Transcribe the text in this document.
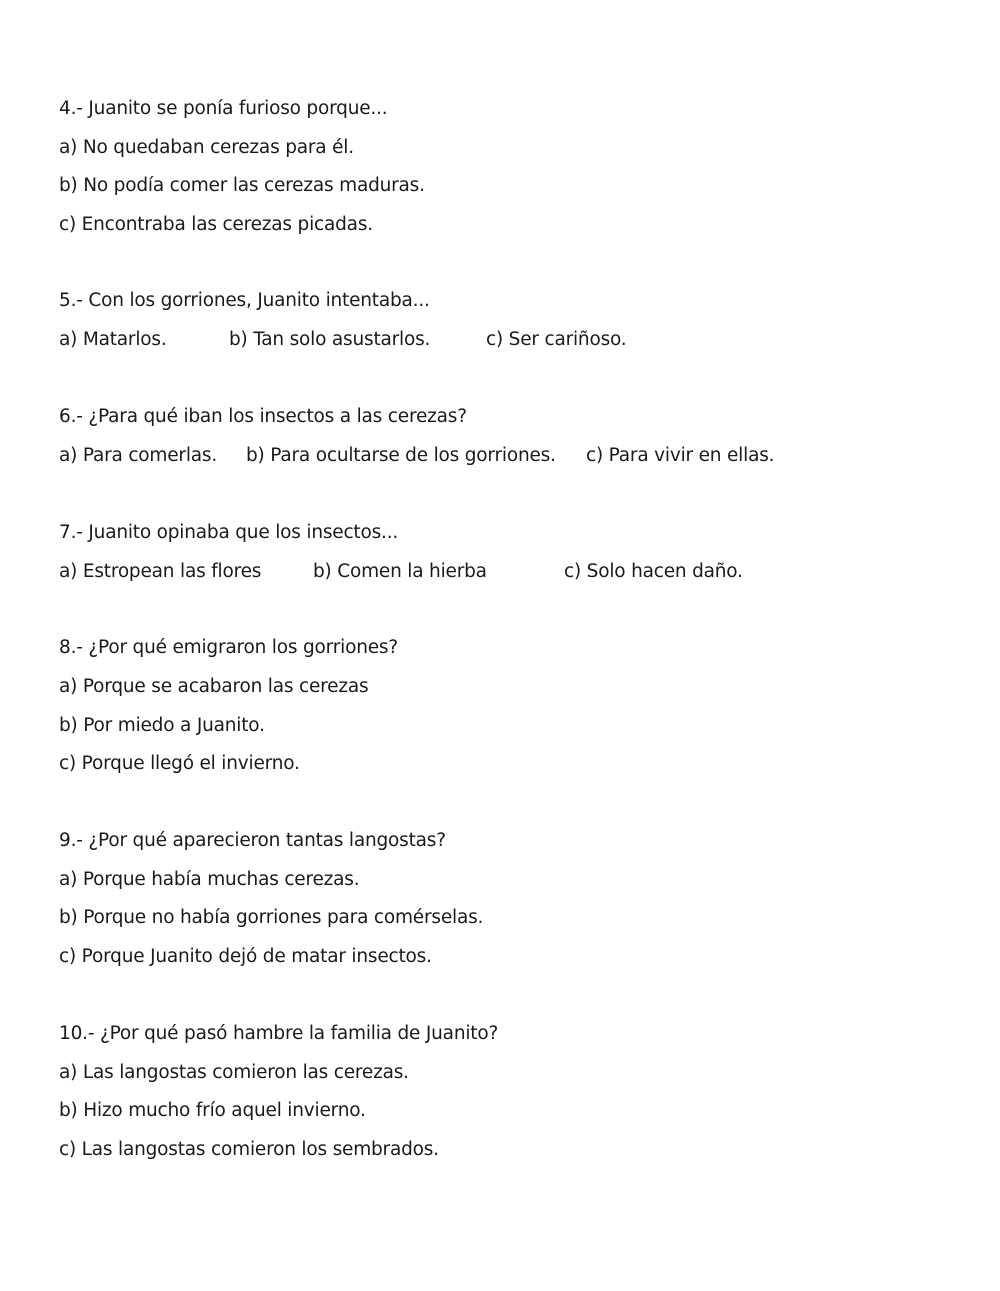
4.- Juanito se ponía furioso porque...
a) No quedaban cerezas para él.
b) No podía comer las cerezas maduras.
c) Encontraba las cerezas picadas.
5.- Con los gorriones, Juanito intentaba...
a) Matarlos.	b) Tan solo asustarlos.	c) Ser cariñoso.
6.- ¿Para qué iban los insectos a las cerezas?
a) Para comerlas. b) Para ocultarse de los gorriones. c) Para vivir en ellas.
7.- Juanito opinaba que los insectos...
a) Estropean las flores	b) Comen la hierba	c) Solo hacen daño.
8.- ¿Por qué emigraron los gorriones?
a) Porque se acabaron las cerezas
b) Por miedo a Juanito.
c) Porque llegó el invierno.
9.- ¿Por qué aparecieron tantas langostas?
a) Porque había muchas cerezas.
b) Porque no había gorriones para comérselas.
c) Porque Juanito dejó de matar insectos.
10.- ¿Por qué pasó hambre la familia de Juanito?
a) Las langostas comieron las cerezas.
b) Hizo mucho frío aquel invierno.
c) Las langostas comieron los sembrados.
